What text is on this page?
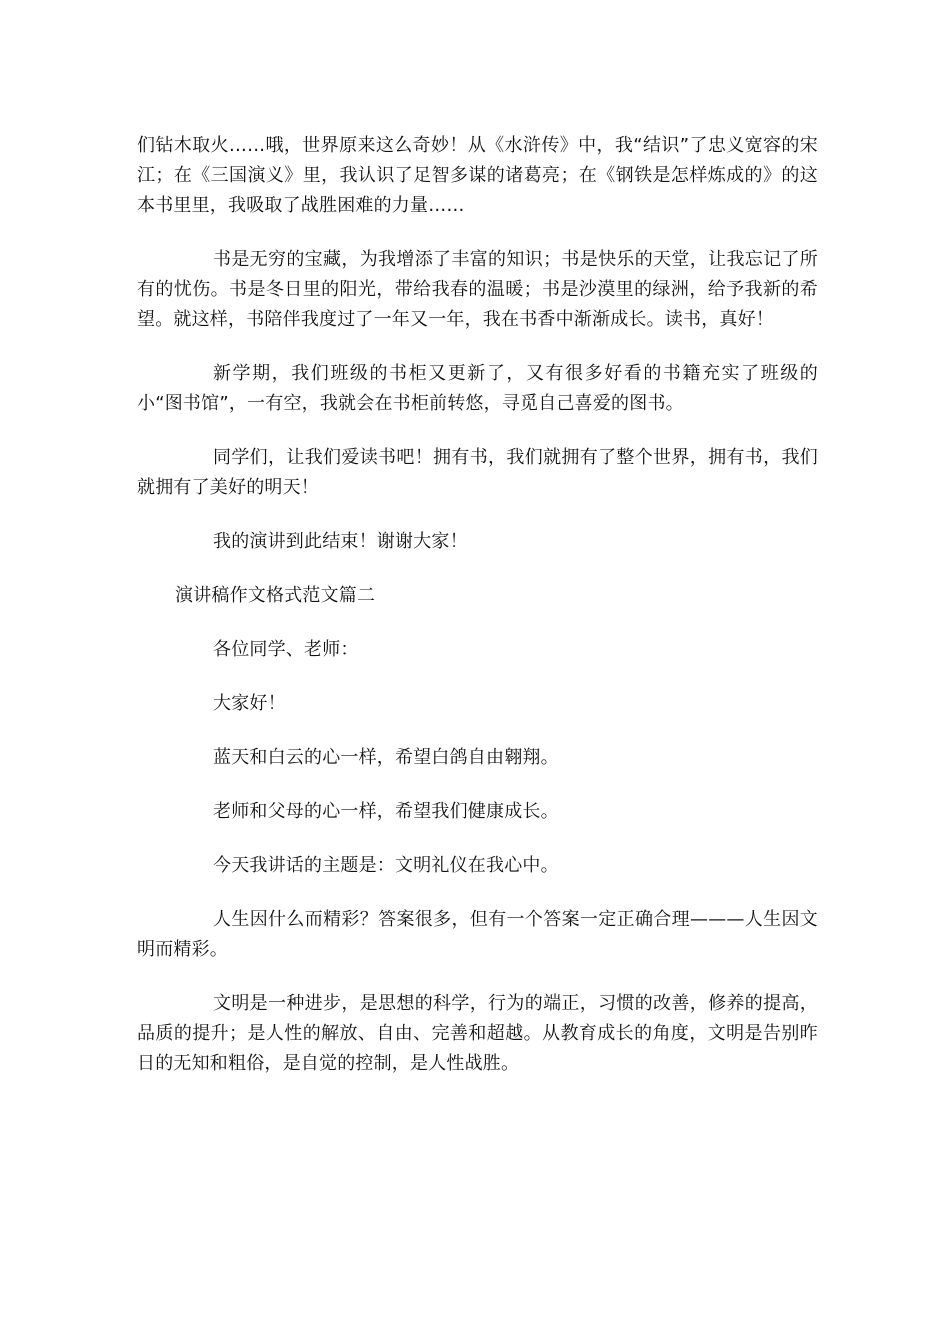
们钻木取火……哦，世界原来这么奇妙！从《水浒传》中，我“结识”了忠义宽容的宋江；在《三国演义》里，我认识了足智多谋的诸葛亮；在《钢铁是怎样炼成的》的这本书里里，我吸取了战胜困难的力量……

书是无穷的宝藏，为我增添了丰富的知识；书是快乐的天堂，让我忘记了所有的忧伤。书是冬日里的阳光，带给我春的温暖；书是沙漠里的绿洲，给予我新的希望。就这样，书陪伴我度过了一年又一年，我在书香中渐渐成长。读书，真好！

新学期，我们班级的书柜又更新了，又有很多好看的书籍充实了班级的小“图书馆”，一有空，我就会在书柜前转悠，寻觅自己喜爱的图书。

同学们，让我们爱读书吧！拥有书，我们就拥有了整个世界，拥有书，我们就拥有了美好的明天！

我的演讲到此结束！谢谢大家！

演讲稿作文格式范文篇二

各位同学、老师：

大家好！

蓝天和白云的心一样，希望白鸽自由翱翔。

老师和父母的心一样，希望我们健康成长。

今天我讲话的主题是：文明礼仪在我心中。

人生因什么而精彩？答案很多，但有一个答案一定正确合理———人生因文明而精彩。

文明是一种进步，是思想的科学，行为的端正，习惯的改善，修养的提高，品质的提升；是人性的解放、自由、完善和超越。从教育成长的角度，文明是告别昨日的无知和粗俗，是自觉的控制，是人性战胜。
